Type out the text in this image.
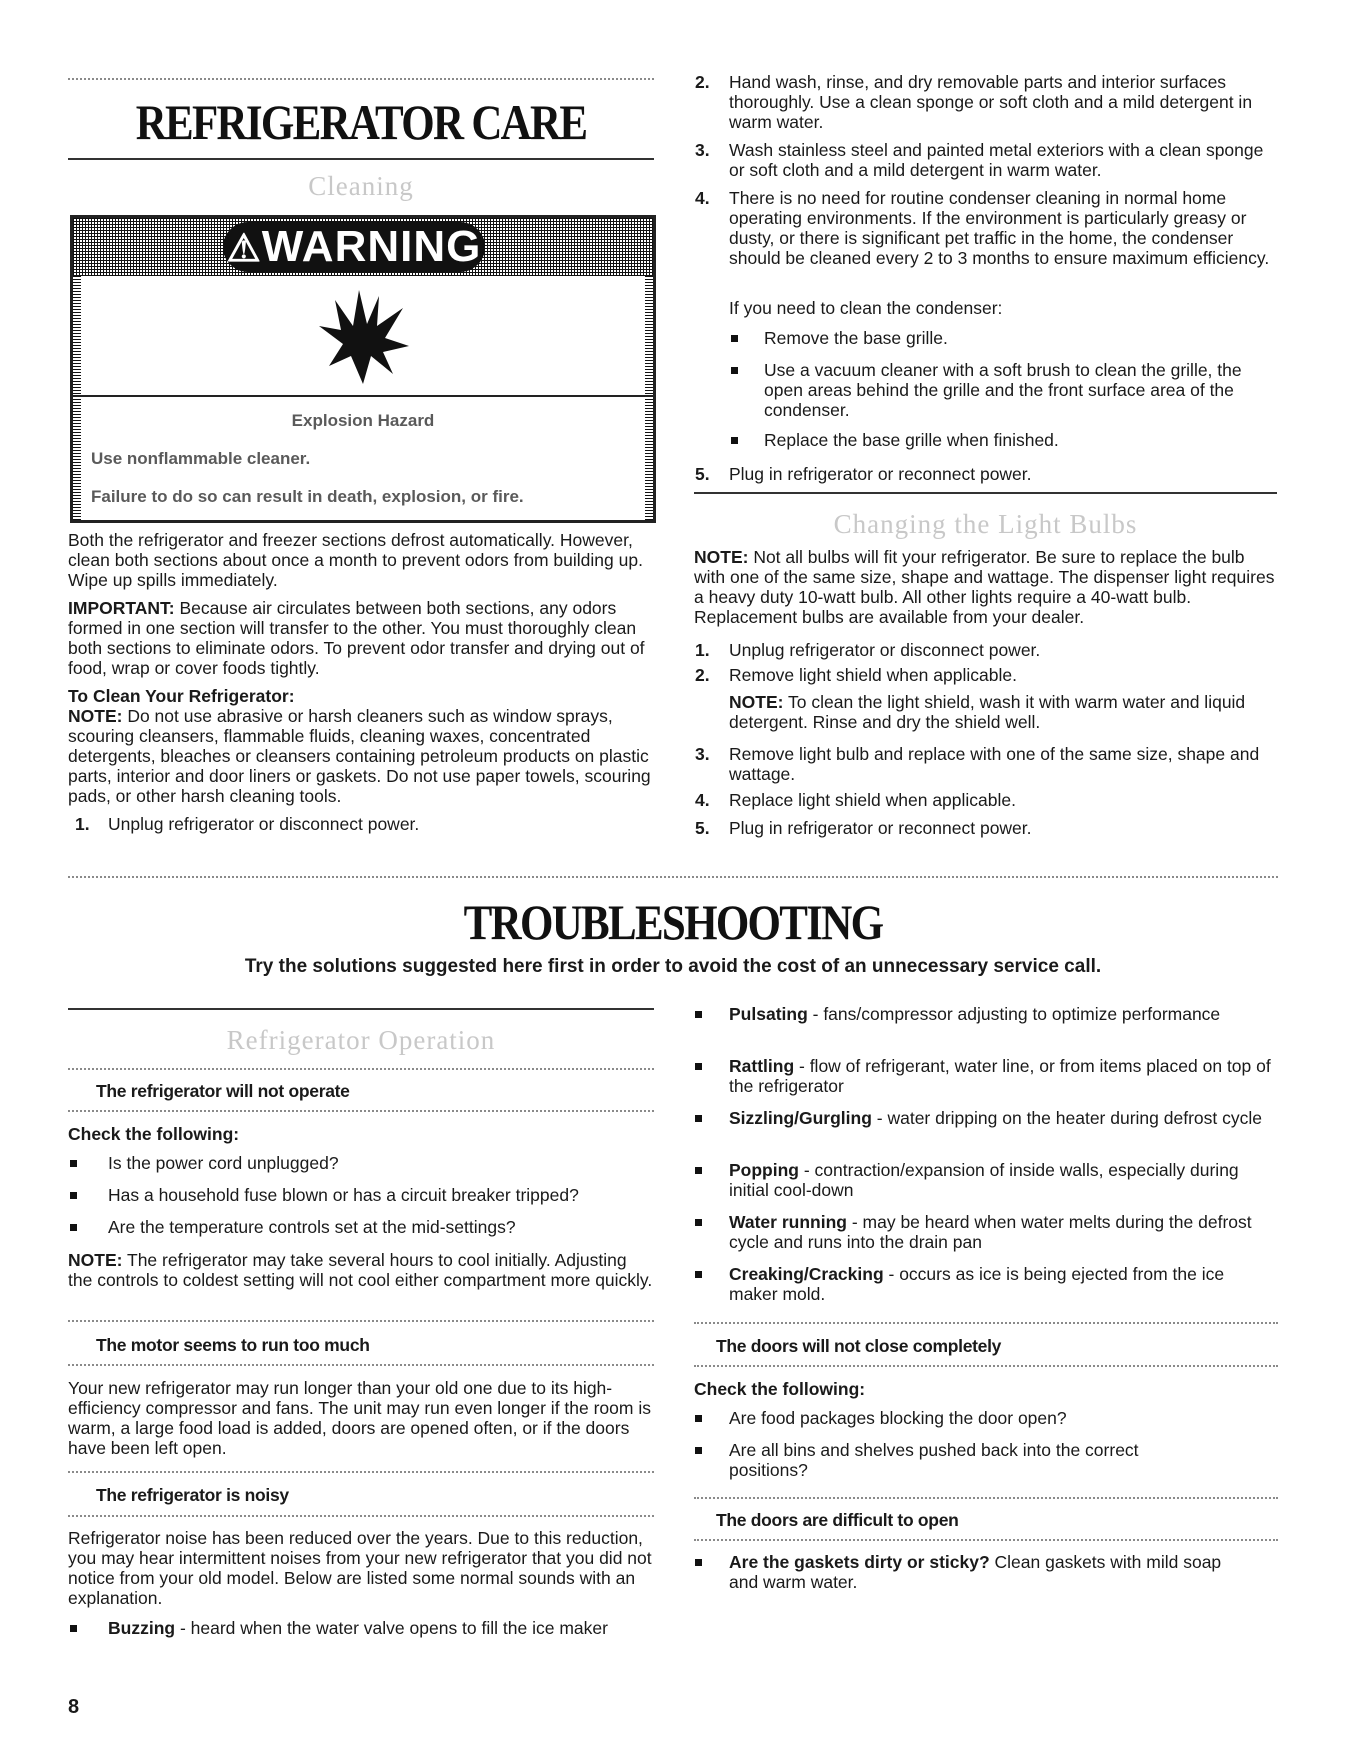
REFRIGERATOR CARE
Cleaning
⚠WARNING
Explosion Hazard
Use nonflammable cleaner.
Failure to do so can result in death, explosion, or fire.

Both the refrigerator and freezer sections defrost automatically. However, clean both sections about once a month to prevent odors from building up. Wipe up spills immediately.

IMPORTANT: Because air circulates between both sections, any odors formed in one section will transfer to the other. You must thoroughly clean both sections to eliminate odors. To prevent odor transfer and drying out of food, wrap or cover foods tightly.

To Clean Your Refrigerator:

NOTE: Do not use abrasive or harsh cleaners such as window sprays, scouring cleansers, flammable fluids, cleaning waxes, concentrated detergents, bleaches or cleansers containing petroleum products on plastic parts, interior and door liners or gaskets. Do not use paper towels, scouring pads, or other harsh cleaning tools.

1. Unplug refrigerator or disconnect power.
2. Hand wash, rinse, and dry removable parts and interior surfaces thoroughly. Use a clean sponge or soft cloth and a mild detergent in warm water.
3. Wash stainless steel and painted metal exteriors with a clean sponge or soft cloth and a mild detergent in warm water.
4. There is no need for routine condenser cleaning in normal home operating environments. If the environment is particularly greasy or dusty, or there is significant pet traffic in the home, the condenser should be cleaned every 2 to 3 months to ensure maximum efficiency.
If you need to clean the condenser:
Remove the base grille.
Use a vacuum cleaner with a soft brush to clean the grille, the open areas behind the grille and the front surface area of the condenser.
Replace the base grille when finished.
5. Plug in refrigerator or reconnect power.
Changing the Light Bulbs
NOTE: Not all bulbs will fit your refrigerator. Be sure to replace the bulb with one of the same size, shape and wattage. The dispenser light requires a heavy duty 10-watt bulb. All other lights require a 40-watt bulb. Replacement bulbs are available from your dealer.
1. Unplug refrigerator or disconnect power.
2. Remove light shield when applicable.
NOTE: To clean the light shield, wash it with warm water and liquid detergent. Rinse and dry the shield well.
3. Remove light bulb and replace with one of the same size, shape and wattage.
4. Replace light shield when applicable.
5. Plug in refrigerator or reconnect power.
TROUBLESHOOTING
Try the solutions suggested here first in order to avoid the cost of an unnecessary service call.
Refrigerator Operation
The refrigerator will not operate
Check the following:
Is the power cord unplugged?
Has a household fuse blown or has a circuit breaker tripped?
Are the temperature controls set at the mid-settings?
NOTE: The refrigerator may take several hours to cool initially. Adjusting the controls to coldest setting will not cool either compartment more quickly.
The motor seems to run too much
Your new refrigerator may run longer than your old one due to its high-efficiency compressor and fans. The unit may run even longer if the room is warm, a large food load is added, doors are opened often, or if the doors have been left open.
The refrigerator is noisy
Refrigerator noise has been reduced over the years. Due to this reduction, you may hear intermittent noises from your new refrigerator that you did not notice from your old model. Below are listed some normal sounds with an explanation.
Buzzing - heard when the water valve opens to fill the ice maker
Pulsating - fans/compressor adjusting to optimize performance
Rattling - flow of refrigerant, water line, or from items placed on top of the refrigerator
Sizzling/Gurgling - water dripping on the heater during defrost cycle
Popping - contraction/expansion of inside walls, especially during initial cool-down
Water running - may be heard when water melts during the defrost cycle and runs into the drain pan
Creaking/Cracking - occurs as ice is being ejected from the ice maker mold.
The doors will not close completely
Check the following:
Are food packages blocking the door open?
Are all bins and shelves pushed back into the correct positions?
The doors are difficult to open
Are the gaskets dirty or sticky? Clean gaskets with mild soap and warm water.
8
